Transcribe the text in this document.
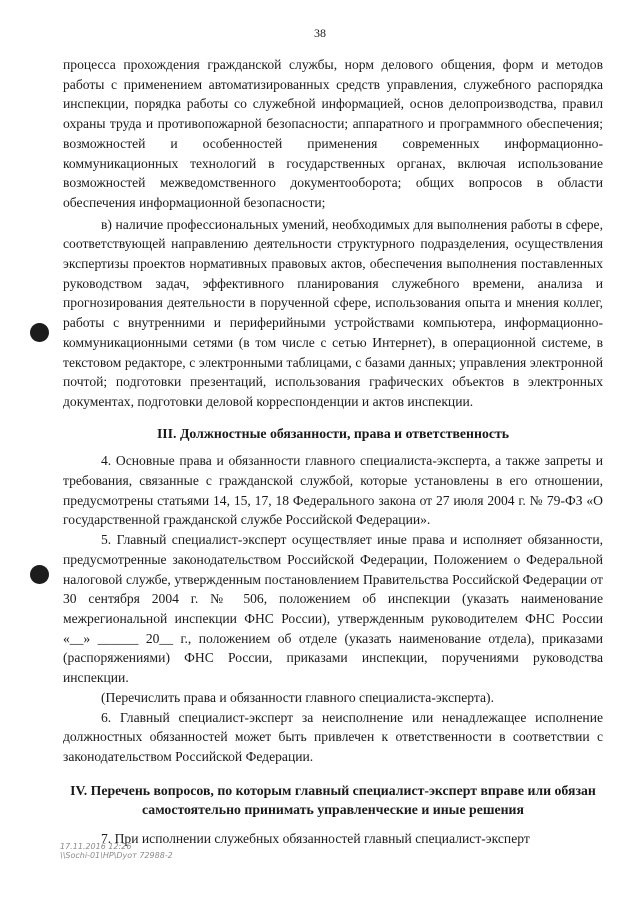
38

процесса прохождения гражданской службы, норм делового общения, форм и методов работы с применением автоматизированных средств управления, служебного распорядка инспекции, порядка работы со служебной информацией, основ делопроизводства, правил охраны труда и противопожарной безопасности; аппаратного и программного обеспечения; возможностей и особенностей применения современных информационно-коммуникационных технологий в государственных органах, включая использование возможностей межведомственного документооборота; общих вопросов в области обеспечения информационной безопасности;

в) наличие профессиональных умений, необходимых для выполнения работы в сфере, соответствующей направлению деятельности структурного подразделения, осуществления экспертизы проектов нормативных правовых актов, обеспечения выполнения поставленных руководством задач, эффективного планирования служебного времени, анализа и прогнозирования деятельности в порученной сфере, использования опыта и мнения коллег, работы с внутренними и периферийными устройствами компьютера, информационно-коммуникационными сетями (в том числе с сетью Интернет), в операционной системе, в текстовом редакторе, с электронными таблицами, с базами данных; управления электронной почтой; подготовки презентаций, использования графических объектов в электронных документах, подготовки деловой корреспонденции и актов инспекции.

III. Должностные обязанности, права и ответственность

4. Основные права и обязанности главного специалиста-эксперта, а также запреты и требования, связанные с гражданской службой, которые установлены в его отношении, предусмотрены статьями 14, 15, 17, 18 Федерального закона от 27 июля 2004 г. № 79-ФЗ «О государственной гражданской службе Российской Федерации».

5. Главный специалист-эксперт осуществляет иные права и исполняет обязанности, предусмотренные законодательством Российской Федерации, Положением о Федеральной налоговой службе, утвержденным постановлением Правительства Российской Федерации от 30 сентября 2004 г. № 506, положением об инспекции (указать наименование межрегиональной инспекции ФНС России), утвержденным руководителем ФНС России «__» ______ 20__ г., положением об отделе (указать наименование отдела), приказами (распоряжениями) ФНС России, приказами инспекции, поручениями руководства инспекции.

(Перечислить права и обязанности главного специалиста-эксперта).

6. Главный специалист-эксперт за неисполнение или ненадлежащее исполнение должностных обязанностей может быть привлечен к ответственности в соответствии с законодательством Российской Федерации.

IV. Перечень вопросов, по которым главный специалист-эксперт вправе или обязан самостоятельно принимать управленческие и иные решения

7. При исполнении служебных обязанностей главный специалист-эксперт

17.11.2016 12:26
\\Sochi-01\HP\Dyoт 72988-2
